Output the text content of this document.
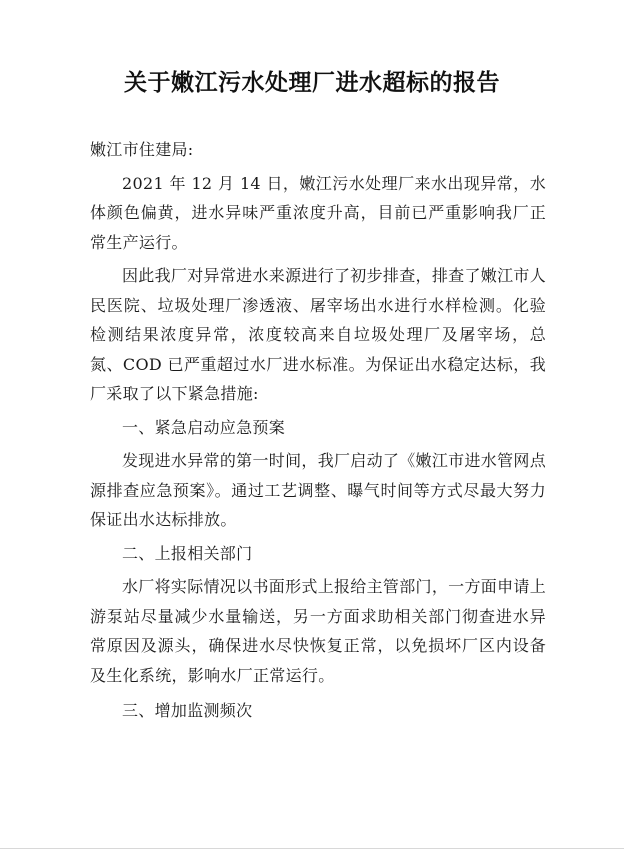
关于嫩江污水处理厂进水超标的报告

嫩江市住建局:

2021 年 12 月 14 日，嫩江污水处理厂来水出现异常，水体颜色偏黄，进水异味严重浓度升高，目前已严重影响我厂正常生产运行。

因此我厂对异常进水来源进行了初步排查，排查了嫩江市人民医院、垃圾处理厂渗透液、屠宰场出水进行水样检测。化验检测结果浓度异常，浓度较高来自垃圾处理厂及屠宰场，总氮、COD 已严重超过水厂进水标准。为保证出水稳定达标，我厂采取了以下紧急措施:

一、紧急启动应急预案

发现进水异常的第一时间，我厂启动了《嫩江市进水管网点源排查应急预案》。通过工艺调整、曝气时间等方式尽最大努力保证出水达标排放。

二、上报相关部门

水厂将实际情况以书面形式上报给主管部门，一方面申请上游泵站尽量减少水量输送，另一方面求助相关部门彻查进水异常原因及源头，确保进水尽快恢复正常，以免损坏厂区内设备及生化系统，影响水厂正常运行。

三、增加监测频次
